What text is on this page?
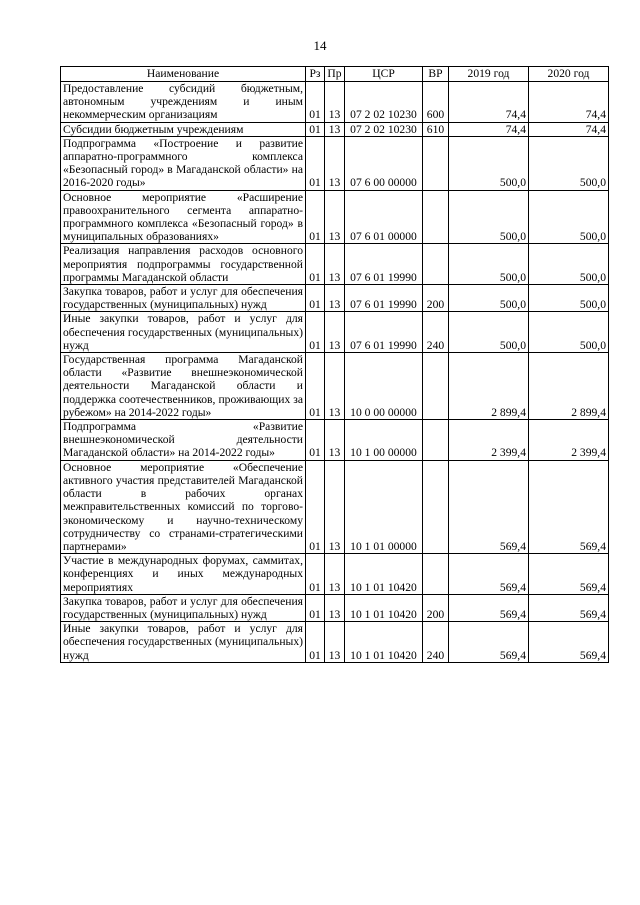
14
Наименование	Рз	Пр	ЦСР	ВР	2019 год	2020 год
Предоставление субсидий бюджетным, автономным учреждениям и иным некоммерческим организациям	01	13	07 2 02 10230	600	74,4	74,4
Субсидии бюджетным учреждениям	01	13	07 2 02 10230	610	74,4	74,4
Подпрограмма «Построение и развитие аппаратно-программного комплекса «Безопасный город» в Магаданской области» на 2016-2020 годы»	01	13	07 6 00 00000		500,0	500,0
Основное мероприятие «Расширение правоохранительного сегмента аппаратно-программного комплекса «Безопасный город» в муниципальных образованиях»	01	13	07 6 01 00000		500,0	500,0
Реализация направления расходов основного мероприятия подпрограммы государственной программы Магаданской области	01	13	07 6 01 19990		500,0	500,0
Закупка товаров, работ и услуг для обеспечения государственных (муниципальных) нужд	01	13	07 6 01 19990	200	500,0	500,0
Иные закупки товаров, работ и услуг для обеспечения государственных (муниципальных) нужд	01	13	07 6 01 19990	240	500,0	500,0
Государственная программа Магаданской области «Развитие внешнеэкономической деятельности Магаданской области и поддержка соотечественников, проживающих за рубежом» на 2014-2022 годы»	01	13	10 0 00 00000		2 899,4	2 899,4
Подпрограмма «Развитие внешнеэкономической деятельности Магаданской области» на 2014-2022 годы»	01	13	10 1 00 00000		2 399,4	2 399,4
Основное мероприятие «Обеспечение активного участия представителей Магаданской области в рабочих органах межправительственных комиссий по торгово-экономическому и научно-техническому сотрудничеству со странами-стратегическими партнерами»	01	13	10 1 01 00000		569,4	569,4
Участие в международных форумах, саммитах, конференциях и иных международных мероприятиях	01	13	10 1 01 10420		569,4	569,4
Закупка товаров, работ и услуг для обеспечения государственных (муниципальных) нужд	01	13	10 1 01 10420	200	569,4	569,4
Иные закупки товаров, работ и услуг для обеспечения государственных (муниципальных) нужд	01	13	10 1 01 10420	240	569,4	569,4
